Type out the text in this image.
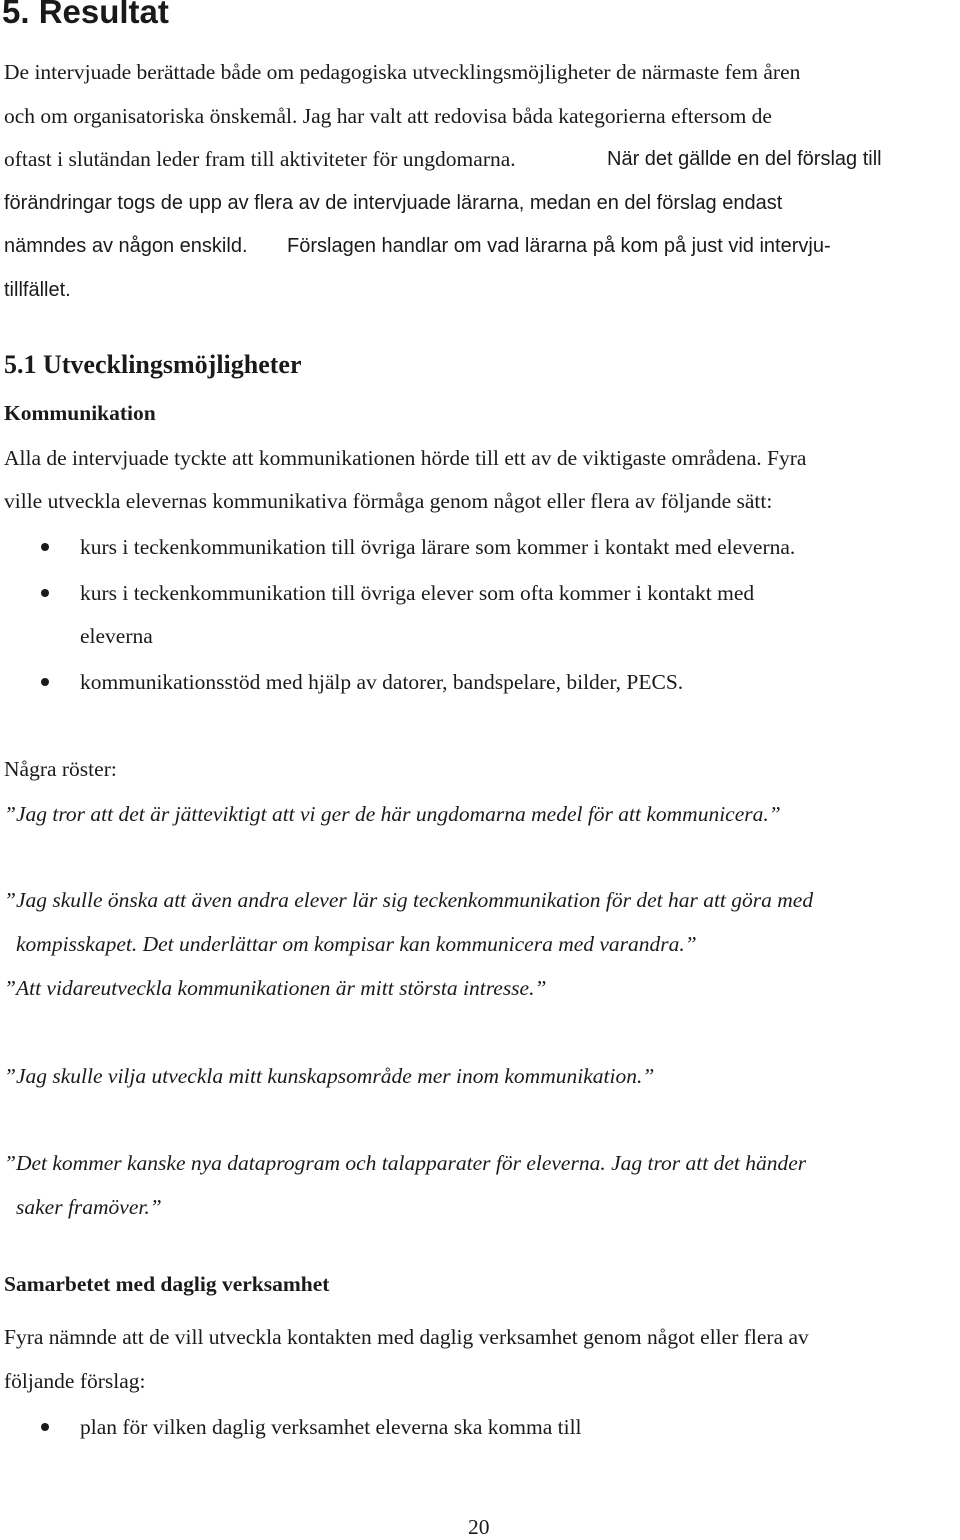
5. Resultat
De intervjuade berättade både om pedagogiska utvecklingsmöjligheter de närmaste fem åren
och om organisatoriska önskemål. Jag har valt att redovisa båda kategorierna eftersom de
oftast i slutändan leder fram till aktiviteter för ungdomarna.	När det gällde en del förslag till
förändringar togs de upp av flera av de intervjuade lärarna, medan en del förslag endast
nämndes av någon enskild. Förslagen handlar om vad lärarna på kom på just vid intervju-
tillfället.
5.1 Utvecklingsmöjligheter
Kommunikation
Alla de intervjuade tyckte att kommunikationen hörde till ett av de viktigaste områdena. Fyra
ville utveckla elevernas kommunikativa förmåga genom något eller flera av följande sätt:
kurs i teckenkommunikation till övriga lärare som kommer i kontakt med eleverna.
kurs i teckenkommunikation till övriga elever som ofta kommer i kontakt med
eleverna
kommunikationsstöd med hjälp av datorer, bandspelare, bilder, PECS.
Några röster:
”Jag tror att det är jätteviktigt att vi ger de här ungdomarna medel för att kommunicera.”
”Jag skulle önska att även andra elever lär sig teckenkommunikation för det har att göra med
kompisskapet. Det underlättar om kompisar kan kommunicera med varandra.”
”Att vidareutveckla kommunikationen är mitt största intresse.”
”Jag skulle vilja utveckla mitt kunskapsområde mer inom kommunikation.”
”Det kommer kanske nya dataprogram och talapparater för eleverna. Jag tror att det händer
saker framöver.”
Samarbetet med daglig verksamhet
Fyra nämnde att de vill utveckla kontakten med daglig verksamhet genom något eller flera av
följande förslag:
plan för vilken daglig verksamhet eleverna ska komma till
20
